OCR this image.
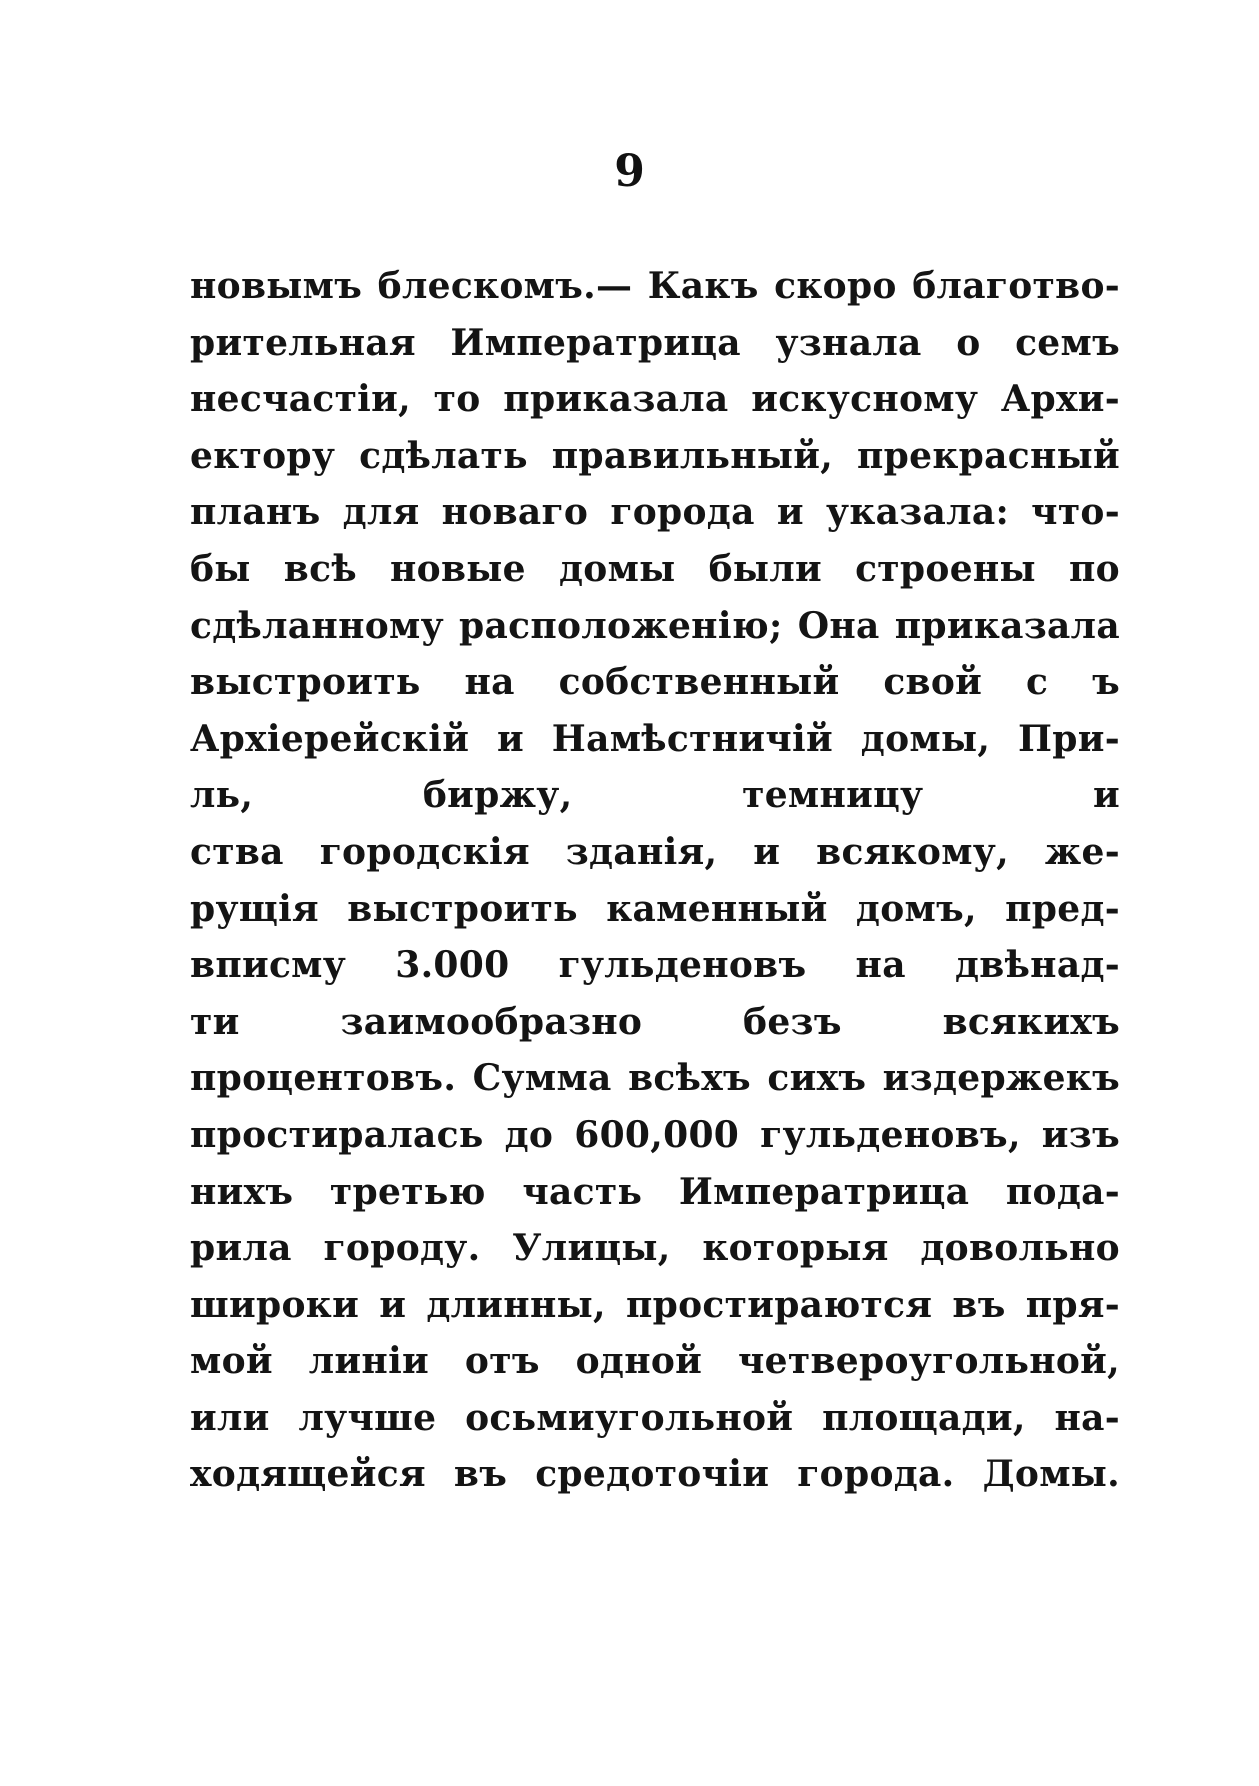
9
новымъ блескомъ.— Какъ скоро благотво-
рительная Императрица узнала о семъ
несчастіи, то приказала искусному Архи-
ектору сдѣлать правильный, прекрасный
планъ для новаго города и указала: что-
бы всѣ новые домы были строены по
сдѣланному расположенію; Она приказала
выстроить на собственный свой с ъ
Архіерейскій и Намѣстничій домы, При-
ль, биржу, темницу и
ства городскія зданія, и всякому, же-
рущія выстроить каменный домъ, пред-
вписму 3.000 гульденовъ на двѣнад-
ти заимообразно безъ всякихъ
процентовъ. Сумма всѣхъ сихъ издержекъ
простиралась до 600,000 гульденовъ, изъ
нихъ третью часть Императрица пода-
рила городу. Улицы, которыя довольно
широки и длинны, простираются въ пря-
мой линіи отъ одной четвероугольной,
или лучше осьмиугольной площади, на-
ходящейся въ средоточіи города. Домы.
